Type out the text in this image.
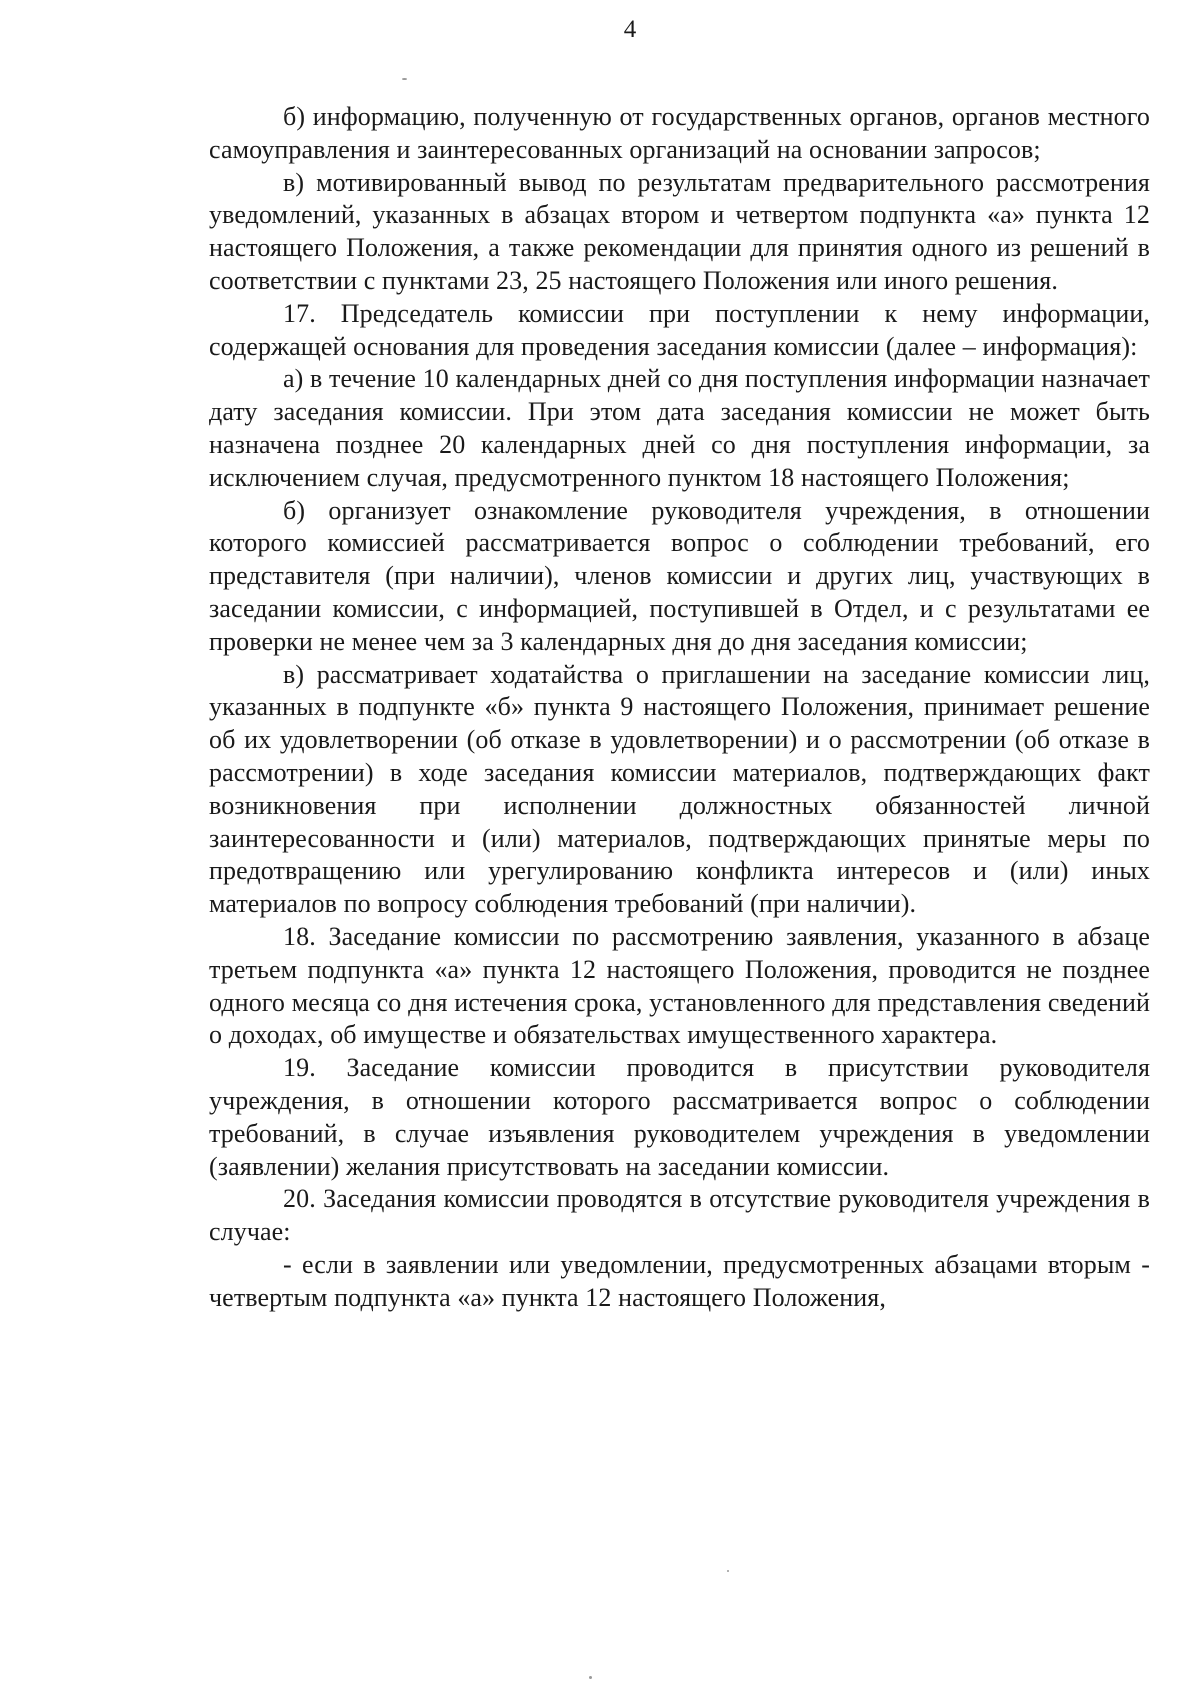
4

б) информацию, полученную от государственных органов, органов местного самоуправления и заинтересованных организаций на основании запросов;

в) мотивированный вывод по результатам предварительного рассмотрения уведомлений, указанных в абзацах втором и четвертом подпункта «а» пункта 12 настоящего Положения, а также рекомендации для принятия одного из решений в соответствии с пунктами 23, 25 настоящего Положения или иного решения.

17. Председатель комиссии при поступлении к нему информации, содержащей основания для проведения заседания комиссии (далее – информация):

а) в течение 10 календарных дней со дня поступления информации назначает дату заседания комиссии. При этом дата заседания комиссии не может быть назначена позднее 20 календарных дней со дня поступления информации, за исключением случая, предусмотренного пунктом 18 настоящего Положения;

б) организует ознакомление руководителя учреждения, в отношении которого комиссией рассматривается вопрос о соблюдении требований, его представителя (при наличии), членов комиссии и других лиц, участвующих в заседании комиссии, с информацией, поступившей в Отдел, и с результатами ее проверки не менее чем за 3 календарных дня до дня заседания комиссии;

в) рассматривает ходатайства о приглашении на заседание комиссии лиц, указанных в подпункте «б» пункта 9 настоящего Положения, принимает решение об их удовлетворении (об отказе в удовлетворении) и о рассмотрении (об отказе в рассмотрении) в ходе заседания комиссии материалов, подтверждающих факт возникновения при исполнении должностных обязанностей личной заинтересованности и (или) материалов, подтверждающих принятые меры по предотвращению или урегулированию конфликта интересов и (или) иных материалов по вопросу соблюдения требований (при наличии).

18. Заседание комиссии по рассмотрению заявления, указанного в абзаце третьем подпункта «а» пункта 12 настоящего Положения, проводится не позднее одного месяца со дня истечения срока, установленного для представления сведений о доходах, об имуществе и обязательствах имущественного характера.

19. Заседание комиссии проводится в присутствии руководителя учреждения, в отношении которого рассматривается вопрос о соблюдении требований, в случае изъявления руководителем учреждения в уведомлении (заявлении) желания присутствовать на заседании комиссии.

20. Заседания комиссии проводятся в отсутствие руководителя учреждения в случае:

- если в заявлении или уведомлении, предусмотренных абзацами вторым - четвертым подпункта «а» пункта 12 настоящего Положения,
